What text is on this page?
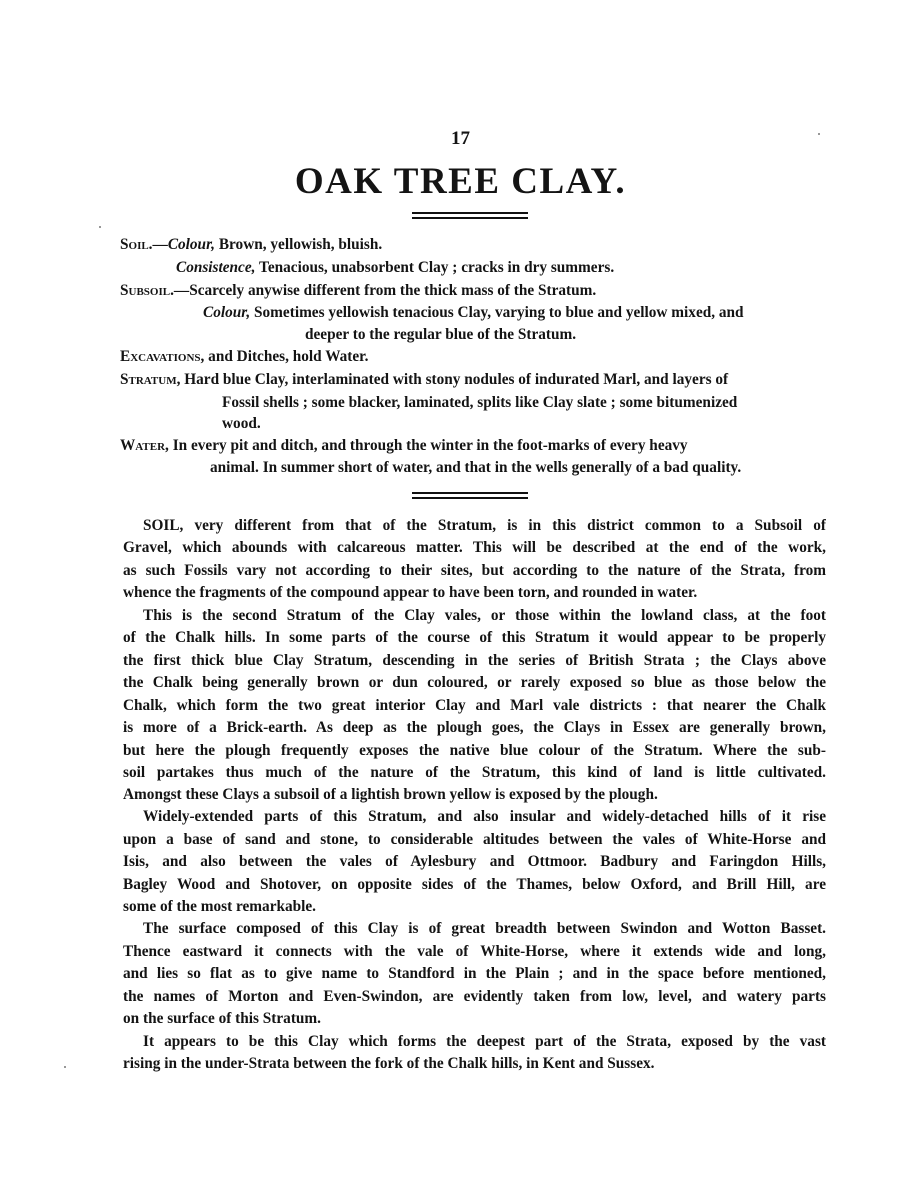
17
OAK TREE CLAY.
Soil.—Colour, Brown, yellowish, bluish.
Consistence, Tenacious, unabsorbent Clay ; cracks in dry summers.
Subsoil.—Scarcely anywise different from the thick mass of the Stratum.
Colour, Sometimes yellowish tenacious Clay, varying to blue and yellow mixed, and
deeper to the regular blue of the Stratum.
Excavations, and Ditches, hold Water.
Stratum, Hard blue Clay, interlaminated with stony nodules of indurated Marl, and layers of
Fossil shells ; some blacker, laminated, splits like Clay slate ; some bitumenized
wood.
Water, In every pit and ditch, and through the winter in the foot-marks of every heavy
animal. In summer short of water, and that in the wells generally of a bad quality.
SOIL, very different from that of the Stratum, is in this district common to a Subsoil of
Gravel, which abounds with calcareous matter. This will be described at the end of the work,
as such Fossils vary not according to their sites, but according to the nature of the Strata, from
whence the fragments of the compound appear to have been torn, and rounded in water.
This is the second Stratum of the Clay vales, or those within the lowland class, at the foot
of the Chalk hills. In some parts of the course of this Stratum it would appear to be properly
the first thick blue Clay Stratum, descending in the series of British Strata ; the Clays above
the Chalk being generally brown or dun coloured, or rarely exposed so blue as those below the
Chalk, which form the two great interior Clay and Marl vale districts : that nearer the Chalk
is more of a Brick-earth. As deep as the plough goes, the Clays in Essex are generally brown,
but here the plough frequently exposes the native blue colour of the Stratum. Where the sub-
soil partakes thus much of the nature of the Stratum, this kind of land is little cultivated.
Amongst these Clays a subsoil of a lightish brown yellow is exposed by the plough.
Widely-extended parts of this Stratum, and also insular and widely-detached hills of it rise
upon a base of sand and stone, to considerable altitudes between the vales of White-Horse and
Isis, and also between the vales of Aylesbury and Ottmoor. Badbury and Faringdon Hills,
Bagley Wood and Shotover, on opposite sides of the Thames, below Oxford, and Brill Hill, are
some of the most remarkable.
The surface composed of this Clay is of great breadth between Swindon and Wotton Basset.
Thence eastward it connects with the vale of White-Horse, where it extends wide and long,
and lies so flat as to give name to Standford in the Plain ; and in the space before mentioned,
the names of Morton and Even-Swindon, are evidently taken from low, level, and watery parts
on the surface of this Stratum.
It appears to be this Clay which forms the deepest part of the Strata, exposed by the vast
rising in the under-Strata between the fork of the Chalk hills, in Kent and Sussex.
